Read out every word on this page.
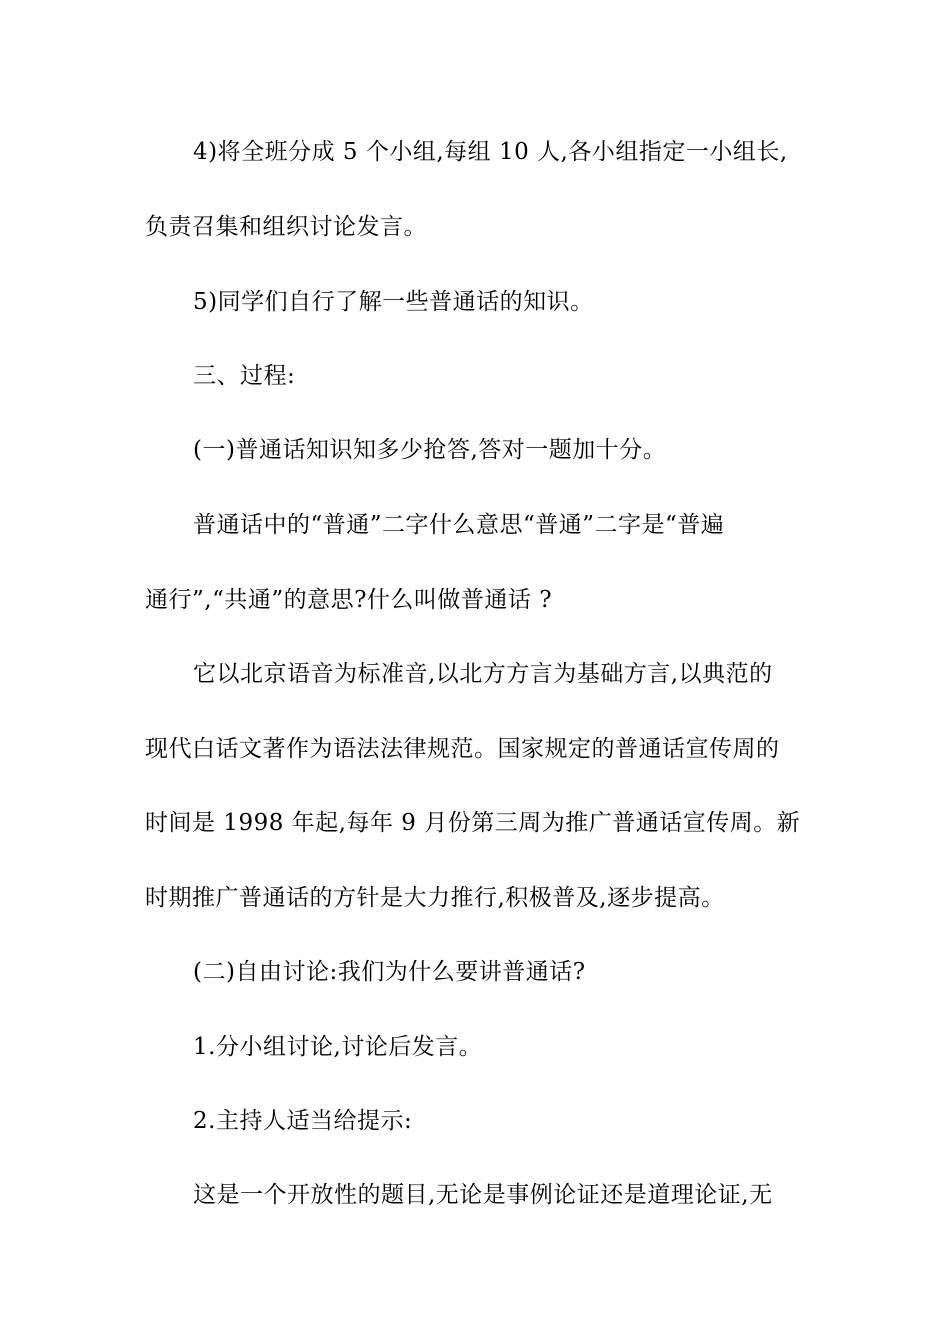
4)将全班分成 5 个小组,每组 10 人,各小组指定一小组长,
负责召集和组织讨论发言。
5)同学们自行了解一些普通话的知识。
三、过程:
(一)普通话知识知多少抢答,答对一题加十分。
普通话中的“普通”二字什么意思“普通”二字是“普遍
通行”,“共通”的意思?什么叫做普通话 ?
它以北京语音为标准音,以北方方言为基础方言,以典范的
现代白话文著作为语法法律规范。国家规定的普通话宣传周的
时间是 1998 年起,每年 9 月份第三周为推广普通话宣传周。新
时期推广普通话的方针是大力推行,积极普及,逐步提高。
(二)自由讨论:我们为什么要讲普通话?
1.分小组讨论,讨论后发言。
2.主持人适当给提示:
这是一个开放性的题目,无论是事例论证还是道理论证,无
